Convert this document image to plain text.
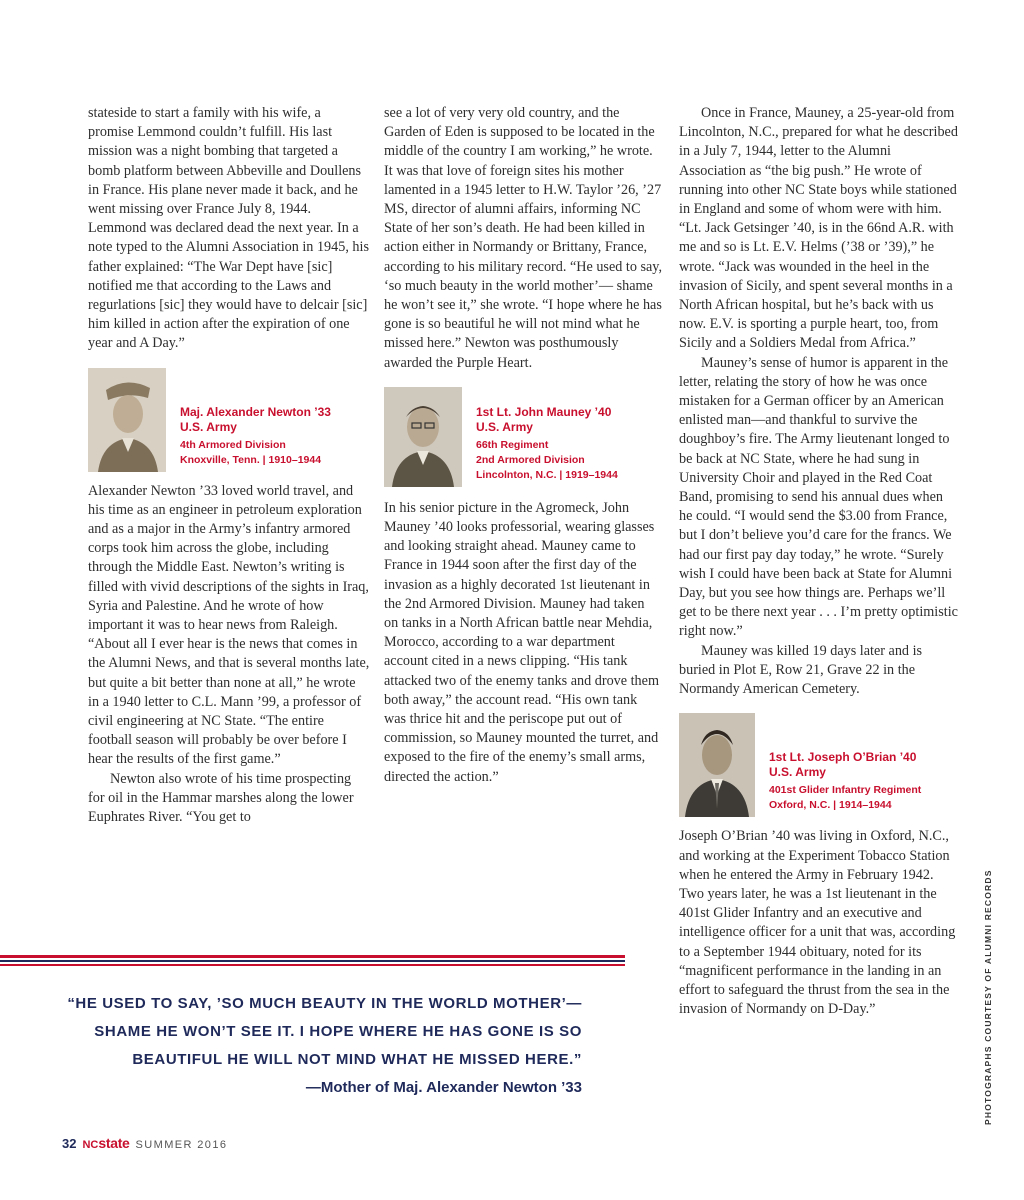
stateside to start a family with his wife, a promise Lemmond couldn’t fulfill. His last mission was a night bombing that targeted a bomb platform between Abbeville and Doullens in France. His plane never made it back, and he went missing over France July 8, 1944. Lemmond was declared dead the next year. In a note typed to the Alumni Association in 1945, his father explained: “The War Dept have [sic] notified me that according to the Laws and regurlations [sic] they would have to delcair [sic] him killed in action after the expiration of one year and A Day.”

Maj. Alexander Newton ’33
U.S. Army
4th Armored Division
Knoxville, Tenn. | 1910–1944

Alexander Newton ’33 loved world travel, and his time as an engineer in petroleum exploration and as a major in the Army’s infantry armored corps took him across the globe, including through the Middle East. Newton’s writing is filled with vivid descriptions of the sights in Iraq, Syria and Palestine. And he wrote of how important it was to hear news from Raleigh. “About all I ever hear is the news that comes in the Alumni News, and that is several months late, but quite a bit better than none at all,” he wrote in a 1940 letter to C.L. Mann ’99, a professor of civil engineering at NC State. “The entire football season will probably be over before I hear the results of the first game.”

Newton also wrote of his time prospecting for oil in the Hammar marshes along the lower Euphrates River. “You get to

see a lot of very very old country, and the Garden of Eden is supposed to be located in the middle of the country I am working,” he wrote. It was that love of foreign sites his mother lamented in a 1945 letter to H.W. Taylor ’26, ’27 MS, director of alumni affairs, informing NC State of her son’s death. He had been killed in action either in Normandy or Brittany, France, according to his military record. “He used to say, ‘so much beauty in the world mother’— shame he won’t see it,” she wrote. “I hope where he has gone is so beautiful he will not mind what he missed here.” Newton was posthumously awarded the Purple Heart.

1st Lt. John Mauney ’40
U.S. Army
66th Regiment
2nd Armored Division
Lincolnton, N.C. | 1919–1944

In his senior picture in the Agromeck, John Mauney ’40 looks professorial, wearing glasses and looking straight ahead. Mauney came to France in 1944 soon after the first day of the invasion as a highly decorated 1st lieutenant in the 2nd Armored Division. Mauney had taken on tanks in a North African battle near Mehdia, Morocco, according to a war department account cited in a news clipping. “His tank attacked two of the enemy tanks and drove them both away,” the account read. “His own tank was thrice hit and the periscope put out of commission, so Mauney mounted the turret, and exposed to the fire of the enemy’s small arms, directed the action.”

Once in France, Mauney, a 25-year-old from Lincolnton, N.C., prepared for what he described in a July 7, 1944, letter to the Alumni Association as “the big push.” He wrote of running into other NC State boys while stationed in England and some of whom were with him. “Lt. Jack Getsinger ’40, is in the 66nd A.R. with me and so is Lt. E.V. Helms (’38 or ’39),” he wrote. “Jack was wounded in the heel in the invasion of Sicily, and spent several months in a North African hospital, but he’s back with us now. E.V. is sporting a purple heart, too, from Sicily and a Soldiers Medal from Africa.”

Mauney’s sense of humor is apparent in the letter, relating the story of how he was once mistaken for a German officer by an American enlisted man—and thankful to survive the doughboy’s fire. The Army lieutenant longed to be back at NC State, where he had sung in University Choir and played in the Red Coat Band, promising to send his annual dues when he could. “I would send the $3.00 from France, but I don’t believe you’d care for the francs. We had our first pay day today,” he wrote. “Surely wish I could have been back at State for Alumni Day, but you see how things are. Perhaps we’ll get to be there next year . . . I’m pretty optimistic right now.”

Mauney was killed 19 days later and is buried in Plot E, Row 21, Grave 22 in the Normandy American Cemetery.

1st Lt. Joseph O’Brian ’40
U.S. Army
401st Glider Infantry Regiment
Oxford, N.C. | 1914–1944

Joseph O’Brian ’40 was living in Oxford, N.C., and working at the Experiment Tobacco Station when he entered the Army in February 1942. Two years later, he was a 1st lieutenant in the 401st Glider Infantry and an executive and intelligence officer for a unit that was, according to a September 1944 obituary, noted for its “magnificent performance in the landing in an effort to safeguard the thrust from the sea in the invasion of Normandy on D-Day.”

“HE USED TO SAY, ’SO MUCH BEAUTY IN THE WORLD MOTHER’—
SHAME HE WON’T SEE IT. I HOPE WHERE HE HAS GONE IS SO
BEAUTIFUL HE WILL NOT MIND WHAT HE MISSED HERE.”
—Mother of Maj. Alexander Newton ’33
32 NCstate SUMMER 2016
PHOTOGRAPHS COURTESY OF ALUMNI RECORDS
